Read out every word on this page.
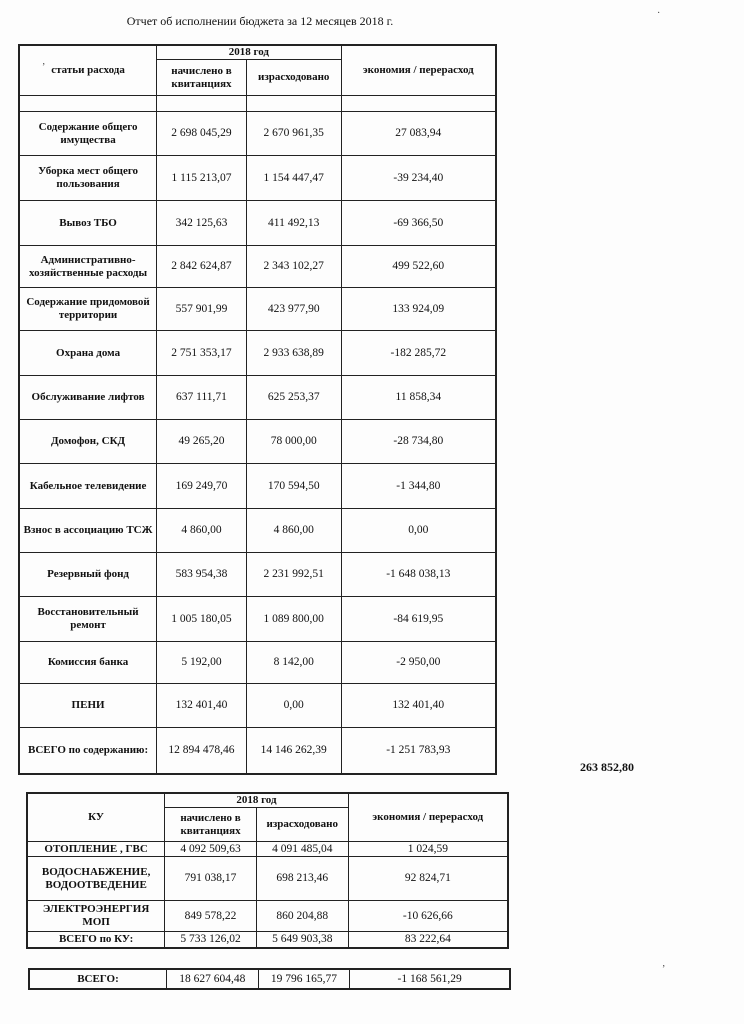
Отчет об исполнении бюджета за 12 месяцев 2018 г.
статьи расхода	2018 год		экономия / перерасход
	начислено в квитанциях	израсходовано	

Содержание общего имущества	2 698 045,29	2 670 961,35	27 083,94
Уборка мест общего пользования	1 115 213,07	1 154 447,47	-39 234,40
Вывоз ТБО	342 125,63	411 492,13	-69 366,50
Административно-хозяйственные расходы	2 842 624,87	2 343 102,27	499 522,60
Содержание придомовой территории	557 901,99	423 977,90	133 924,09
Охрана дома	2 751 353,17	2 933 638,89	-182 285,72
Обслуживание лифтов	637 111,71	625 253,37	11 858,34
Домофон, СКД	49 265,20	78 000,00	-28 734,80
Кабельное телевидение	169 249,70	170 594,50	-1 344,80
Взнос в ассоциацию ТСЖ	4 860,00	4 860,00	0,00
Резервный фонд	583 954,38	2 231 992,51	-1 648 038,13
Восстановительный ремонт	1 005 180,05	1 089 800,00	-84 619,95
Комиссия банка	5 192,00	8 142,00	-2 950,00
ПЕНИ	132 401,40	0,00	132 401,40
ВСЕГО по содержанию:	12 894 478,46	14 146 262,39	-1 251 783,93
263 852,80
КУ	2018 год		экономия / перерасход
	начислено в квитанциях	израсходовано	
ОТОПЛЕНИЕ , ГВС	4 092 509,63	4 091 485,04	1 024,59
ВОДОСНАБЖЕНИЕ, ВОДООТВЕДЕНИЕ	791 038,17	698 213,46	92 824,71
ЭЛЕКТРОЭНЕРГИЯ МОП	849 578,22	860 204,88	-10 626,66
ВСЕГО по КУ:	5 733 126,02	5 649 903,38	83 222,64
ВСЕГО:	18 627 604,48	19 796 165,77	-1 168 561,29
‚
·
‚
